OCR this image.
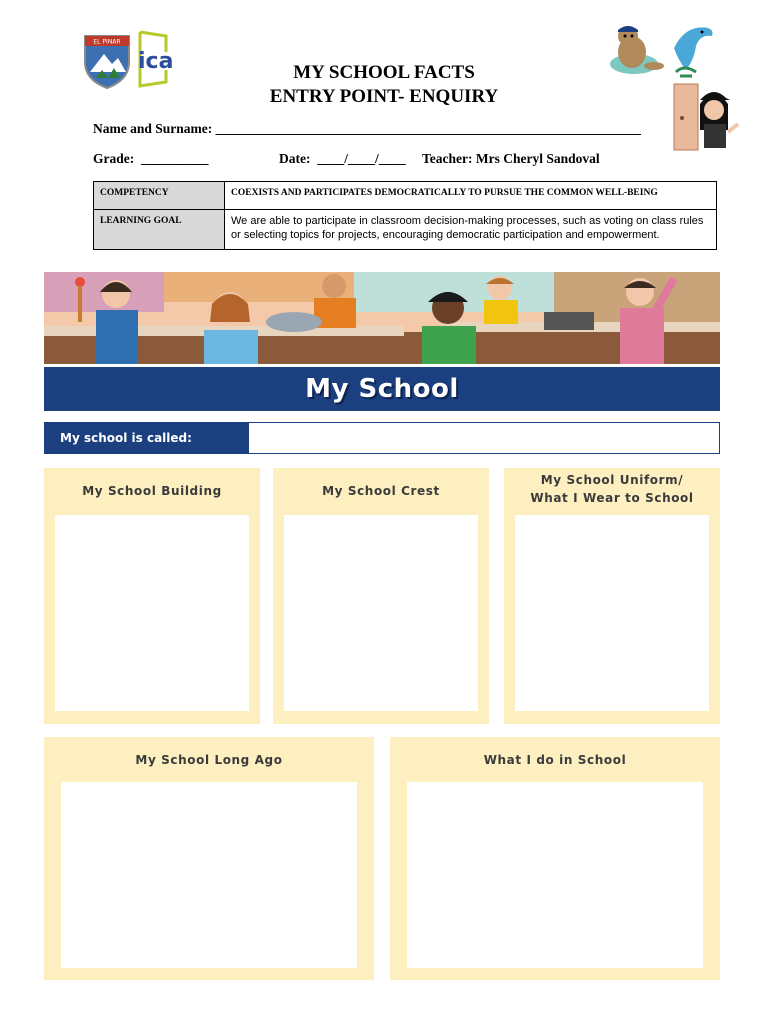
EL PINAR
ica	MY SCHOOL FACTS
ENTRY POINT- ENQUIRY
Name and Surname: _______________________________________________________________
Grade:  __________	Date:  ____/____/____ Teacher: Mrs Cheryl Sandoval
COMPETENCY	COEXISTS AND PARTICIPATES DEMOCRATICALLY TO PURSUE THE COMMON WELL-BEING
LEARNING GOAL	We are able to participate in classroom decision-making processes, such as voting on class rules or selecting topics for projects, encouraging democratic participation and empowerment.
My School
My school is called:
My School Building	My School Crest
My School Uniform/
What I Wear to School
My School Long Ago	What I do in School
